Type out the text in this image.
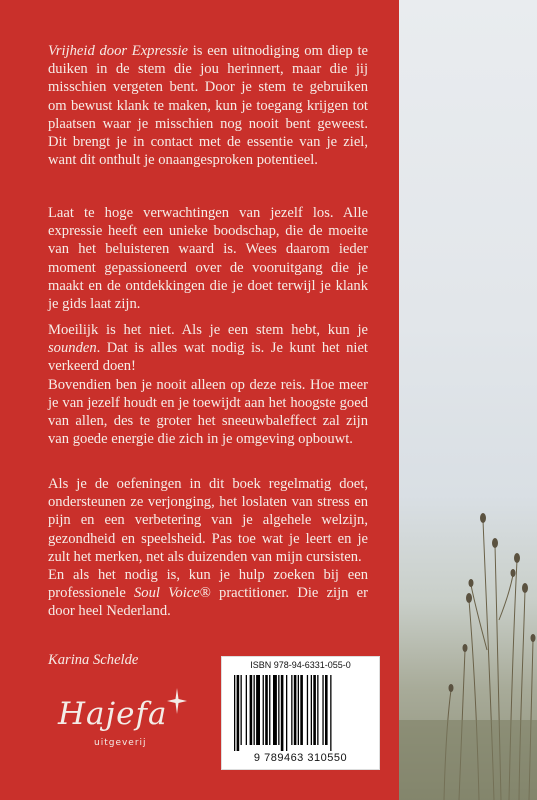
Vrijheid door Expressie is een uitnodiging om diep te duiken in de stem die jou herinnert, maar die jij misschien vergeten bent. Door je stem te gebruiken om bewust klank te maken, kun je toegang krijgen tot plaatsen waar je misschien nog nooit bent geweest. Dit brengt je in contact met de essentie van je ziel, want dit onthult je onaangesproken potentieel.

Laat te hoge verwachtingen van jezelf los. Alle expressie heeft een unieke boodschap, die de moeite van het beluisteren waard is. Wees daarom ieder moment gepassioneerd over de vooruitgang die je maakt en de ontdekkingen die je doet terwijl je klank je gids laat zijn.

Moeilijk is het niet. Als je een stem hebt, kun je sounden. Dat is alles wat nodig is. Je kunt het niet verkeerd doen!

Bovendien ben je nooit alleen op deze reis. Hoe meer je van jezelf houdt en je toewijdt aan het hoogste goed van allen, des te groter het sneeuwbaleffect zal zijn van goede energie die zich in je omgeving opbouwt.

Als je de oefeningen in dit boek regelmatig doet, ondersteunen ze verjonging, het loslaten van stress en pijn en een verbetering van je algehele welzijn, gezondheid en speelsheid. Pas toe wat je leert en je zult het merken, net als duizenden van mijn cursisten.

En als het nodig is, kun je hulp zoeken bij een professionele Soul Voice® practitioner. Die zijn er door heel Nederland.

Karina Schelde	ISBN 978-94-6331-055-0
9 789463 310550
Hajefa
uitgeverij
